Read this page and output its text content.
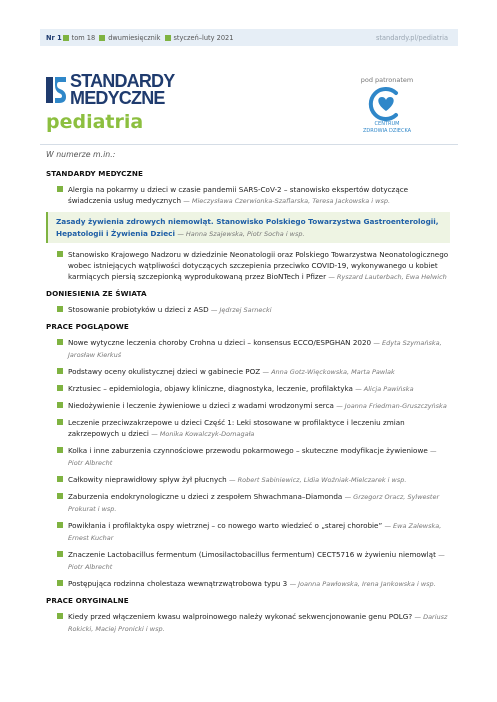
Nr 1 tom 18 dwumiesięcznik styczeń–luty 2021	standardy.pl/pediatria
STANDARDY
MEDYCZNE
pediatria
pod patronatem
CENTRUM
ZDROWIA DZIECKA
W numerze m.in.:
STANDARDY MEDYCZNE
Alergia na pokarmy u dzieci w czasie pandemii SARS-CoV-2 – stanowisko ekspertów dotyczące świadczenia usług medycznych — Mieczysława Czerwionka-Szaflarska, Teresa Jackowska i wsp.
Zasady żywienia zdrowych niemowląt. Stanowisko Polskiego Towarzystwa Gastroenterologii, Hepatologii i Żywienia Dzieci — Hanna Szajewska, Piotr Socha i wsp.
Stanowisko Krajowego Nadzoru w dziedzinie Neonatologii oraz Polskiego Towarzystwa Neonatologicznego wobec istniejących wątpliwości dotyczących szczepienia przeciwko COVID-19, wykonywanego u kobiet karmiących piersią szczepionką wyprodukowaną przez BioNTech i Pfizer — Ryszard Lauterbach, Ewa Helwich
DONIESIENIA ZE ŚWIATA
Stosowanie probiotyków u dzieci z ASD — Jędrzej Sarnecki
PRACE POGLĄDOWE
Nowe wytyczne leczenia choroby Crohna u dzieci – konsensus ECCO/ESPGHAN 2020 — Edyta Szymańska, Jarosław Kierkuś
Podstawy oceny okulistycznej dzieci w gabinecie POZ — Anna Gotz-Więckowska, Marta Pawlak
Krztusiec – epidemiologia, objawy kliniczne, diagnostyka, leczenie, profilaktyka — Alicja Pawińska
Niedożywienie i leczenie żywieniowe u dzieci z wadami wrodzonymi serca — Joanna Friedman-Gruszczyńska
Leczenie przeciwzakrzepowe u dzieci Część 1: Leki stosowane w profilaktyce i leczeniu zmian zakrzepowych u dzieci — Monika Kowalczyk-Domagała
Kolka i inne zaburzenia czynnościowe przewodu pokarmowego – skuteczne modyfikacje żywieniowe — Piotr Albrecht
Całkowity nieprawidłowy spływ żył płucnych — Robert Sabiniewicz, Lidia Woźniak-Mielczarek i wsp.
Zaburzenia endokrynologiczne u dzieci z zespołem Shwachmana–Diamonda — Grzegorz Oracz, Sylwester Prokurat i wsp.
Powikłania i profilaktyka ospy wietrznej – co nowego warto wiedzieć o „starej chorobie” — Ewa Zalewska, Ernest Kuchar
Znaczenie Lactobacillus fermentum (Limosilactobacillus fermentum) CECT5716 w żywieniu niemowląt — Piotr Albrecht
Postępująca rodzinna cholestaza wewnątrzwątrobowa typu 3 — Joanna Pawłowska, Irena Jankowska i wsp.
PRACE ORYGINALNE
Kiedy przed włączeniem kwasu walproinowego należy wykonać sekwencjonowanie genu POLG? — Dariusz Rokicki, Maciej Pronicki i wsp.
